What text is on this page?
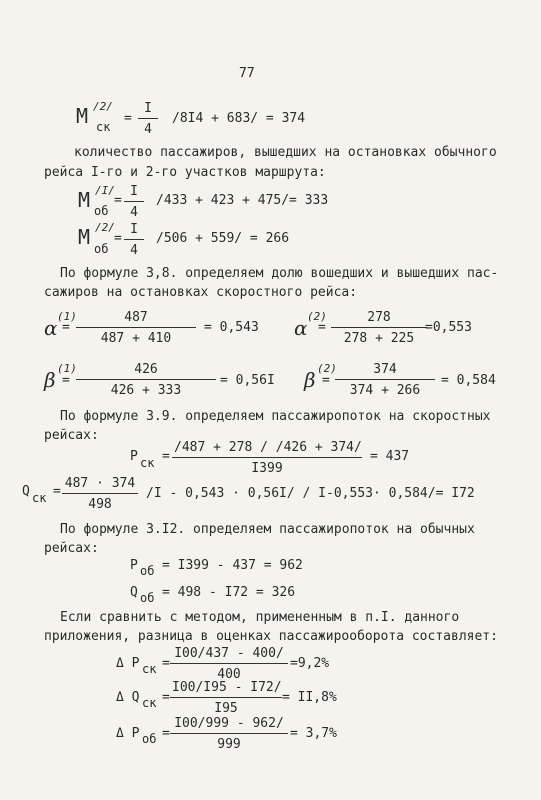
77
M /2/
ск
= $\frac{I}{4} /8I4 + 683/ = 374$
количество пассажиров, вышедших на остановках обычного
рейса I-го и 2-го участков маршрута:
M /I/
об
= $\frac{I}{4} /433 + 423 + 475/= 333$
M /2/
об
= $\frac{I}{4} /506 + 559/ = 266$
По формуле 3,8. определяем долю вошедших и вышедших пас-
сажиров на остановках скоростного рейса:
α (1)
= $\frac{487}{487 + 410} = 0,543$ α (2)
= $\frac{278}{278 + 225}$
=0,553
β (1)
= $\frac{426}{426 + 333} = 0,56I$ β (2)
= $\frac{374}{374 + 266} = 0,584$
По формуле 3.9. определяем пассажиропоток на скоростных
рейсах:
P ск = $\frac{/487 + 278 / /426 + 374/}{I399} = 437$
Q ск = $\frac{487 \cdot 374}{498} /I - 0,543 \cdot 0,56I/ / I-0,553\cdot 0,584/= I72$
По формуле 3.I2. определяем пассажиропоток на обычных
рейсах:
P об = I399 - 437 = 962
Q об = 498 - I72 = 326
Если сравнить с методом, примененным в п.I. данного
приложения, разница в оценках пассажирооборота составляет:
Δ P ск = $\frac{I00/437 - 400/}{400} =9,2\%$
Δ Q ск = $\frac{I00/I95 - I72/}{I95} = II,8\%$
Δ P об = $\frac{I00/999 - 962/}{999} = 3,7\%$
